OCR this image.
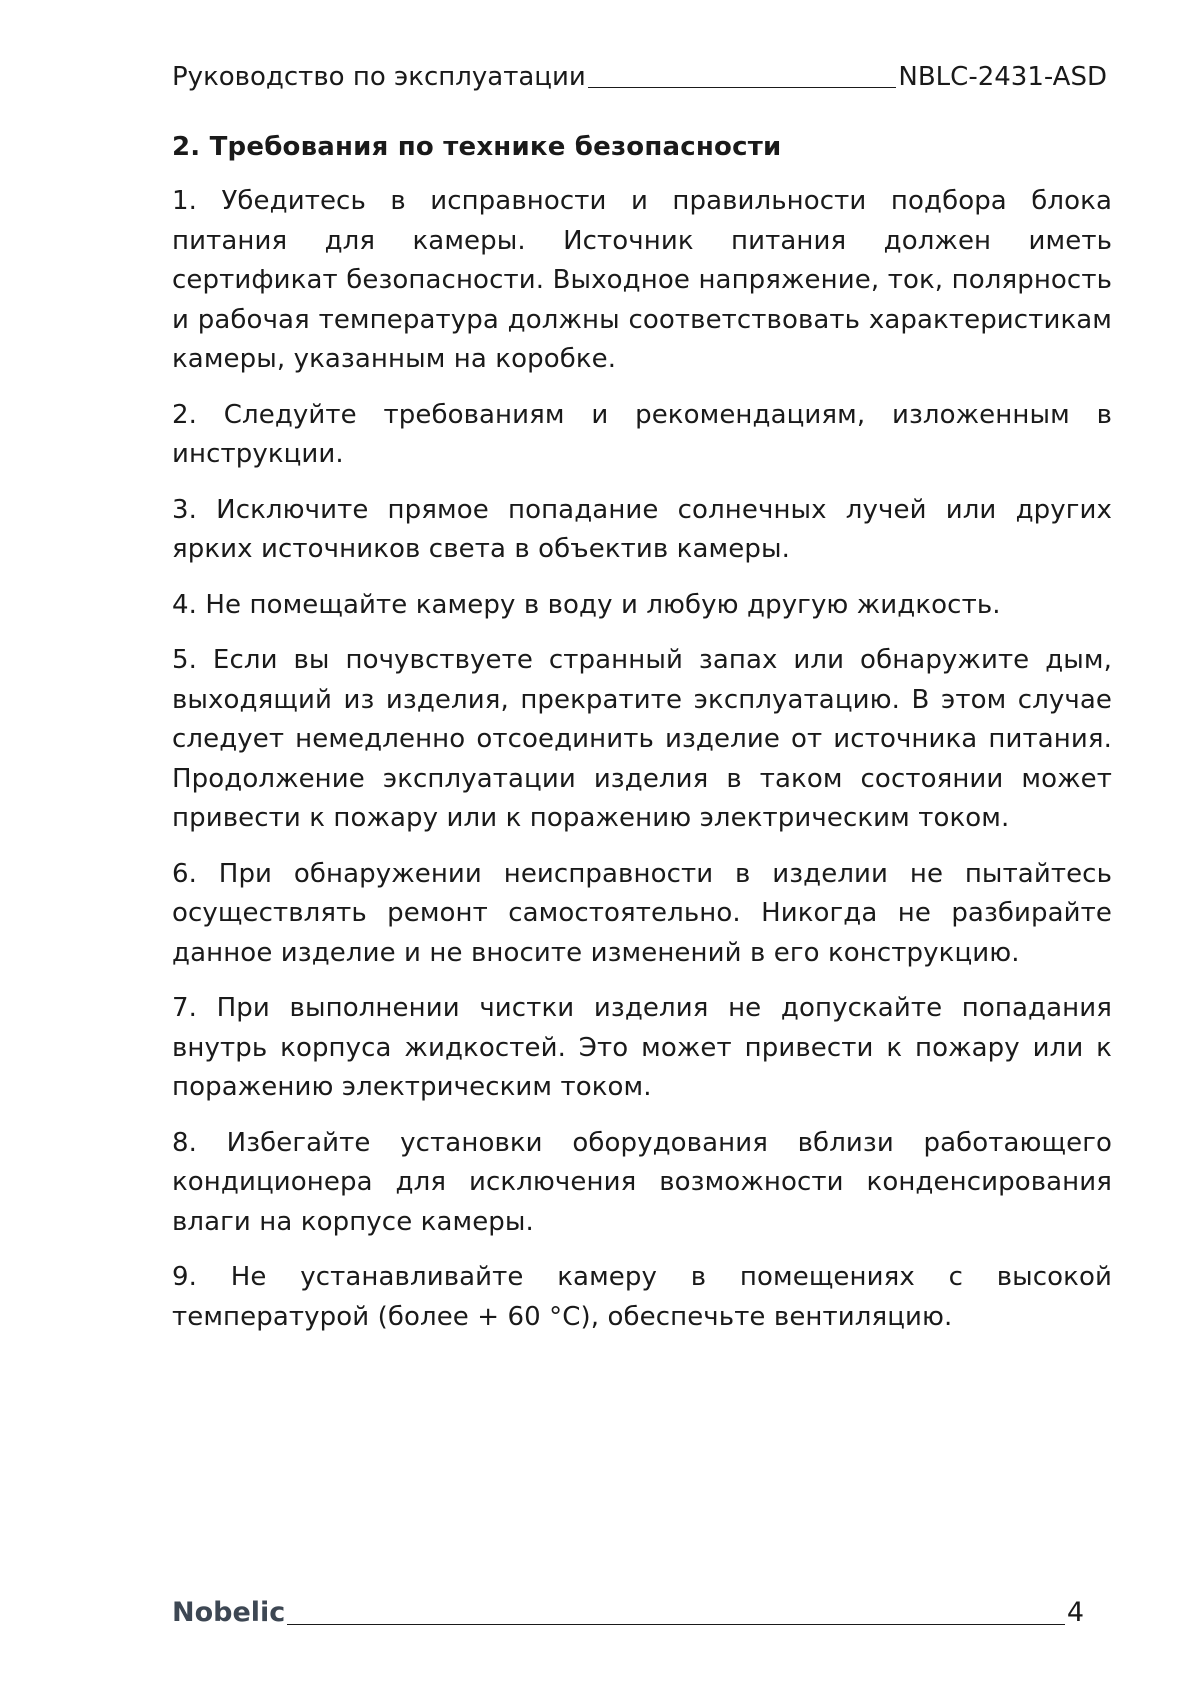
Руководство по эксплуатации	NBLC-2431-ASD
2. Требования по технике безопасности

1. Убедитесь в исправности и правильности подбора блока питания для камеры. Источник питания должен иметь сертификат безопасности. Выходное напряжение, ток, полярность и рабочая температура должны соответствовать характеристикам камеры, указанным на коробке.

2. Следуйте требованиям и рекомендациям, изложенным в инструкции.

3. Исключите прямое попадание солнечных лучей или других ярких источников света в объектив камеры.

4. Не помещайте камеру в воду и любую другую жидкость.

5. Если вы почувствуете странный запах или обнаружите дым, выходящий из изделия, прекратите эксплуатацию. В этом случае следует немедленно отсоединить изделие от источника питания. Продолжение эксплуатации изделия в таком состоянии может привести к пожару или к поражению электрическим током.

6. При обнаружении неисправности в изделии не пытайтесь осуществлять ремонт самостоятельно. Никогда не разбирайте данное изделие и не вносите изменений в его конструкцию.

7. При выполнении чистки изделия не допускайте попадания внутрь корпуса жидкостей. Это может привести к пожару или к поражению электрическим током.

8. Избегайте установки оборудования вблизи работающего кондиционера для исключения возможности конденсирования влаги на корпусе камеры.

9. Не устанавливайте камеру в помещениях с высокой температурой (более + 60 °C), обеспечьте вентиляцию.

Nobelic	4
